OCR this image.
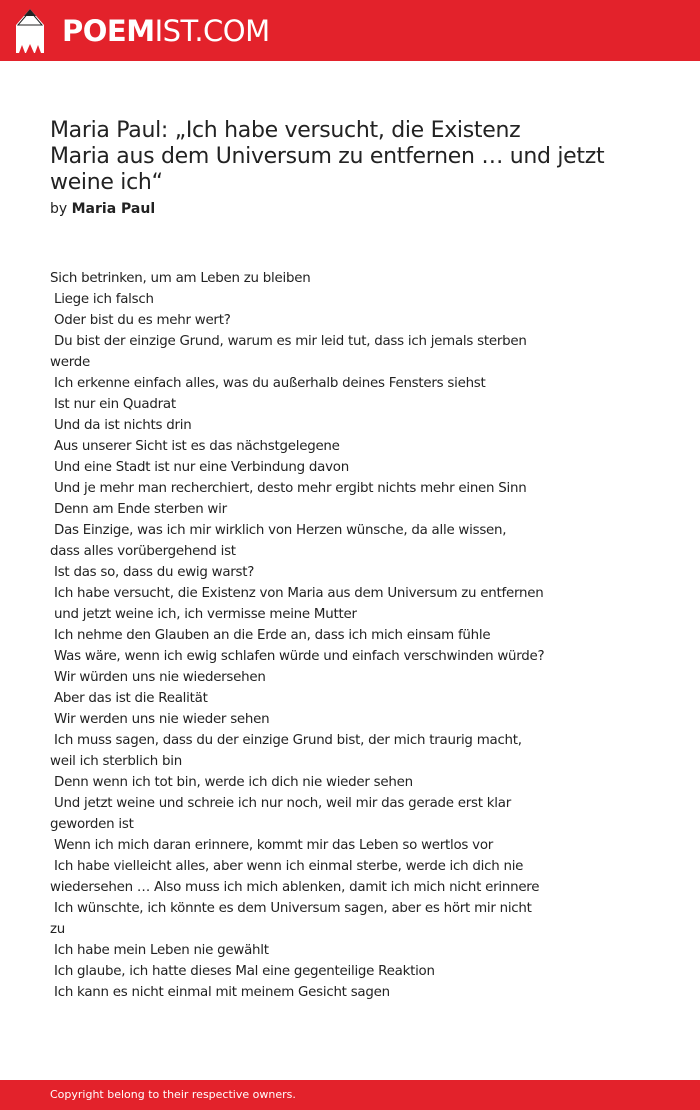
POEMIST.COM
Maria Paul: „Ich habe versucht, die Existenz
Maria aus dem Universum zu entfernen … und jetzt
weine ich“
by Maria Paul
Sich betrinken, um am Leben zu bleiben
Liege ich falsch
Oder bist du es mehr wert?
Du bist der einzige Grund, warum es mir leid tut, dass ich jemals sterben
werde
Ich erkenne einfach alles, was du außerhalb deines Fensters siehst
Ist nur ein Quadrat
Und da ist nichts drin
Aus unserer Sicht ist es das nächstgelegene
Und eine Stadt ist nur eine Verbindung davon
Und je mehr man recherchiert, desto mehr ergibt nichts mehr einen Sinn
Denn am Ende sterben wir
Das Einzige, was ich mir wirklich von Herzen wünsche, da alle wissen,
dass alles vorübergehend ist
Ist das so, dass du ewig warst?
Ich habe versucht, die Existenz von Maria aus dem Universum zu entfernen
und jetzt weine ich, ich vermisse meine Mutter
Ich nehme den Glauben an die Erde an, dass ich mich einsam fühle
Was wäre, wenn ich ewig schlafen würde und einfach verschwinden würde?
Wir würden uns nie wiedersehen
Aber das ist die Realität
Wir werden uns nie wieder sehen
Ich muss sagen, dass du der einzige Grund bist, der mich traurig macht,
weil ich sterblich bin
Denn wenn ich tot bin, werde ich dich nie wieder sehen
Und jetzt weine und schreie ich nur noch, weil mir das gerade erst klar
geworden ist
Wenn ich mich daran erinnere, kommt mir das Leben so wertlos vor
Ich habe vielleicht alles, aber wenn ich einmal sterbe, werde ich dich nie
wiedersehen … Also muss ich mich ablenken, damit ich mich nicht erinnere
Ich wünschte, ich könnte es dem Universum sagen, aber es hört mir nicht
zu
Ich habe mein Leben nie gewählt
Ich glaube, ich hatte dieses Mal eine gegenteilige Reaktion
Ich kann es nicht einmal mit meinem Gesicht sagen
Copyright belong to their respective owners.
